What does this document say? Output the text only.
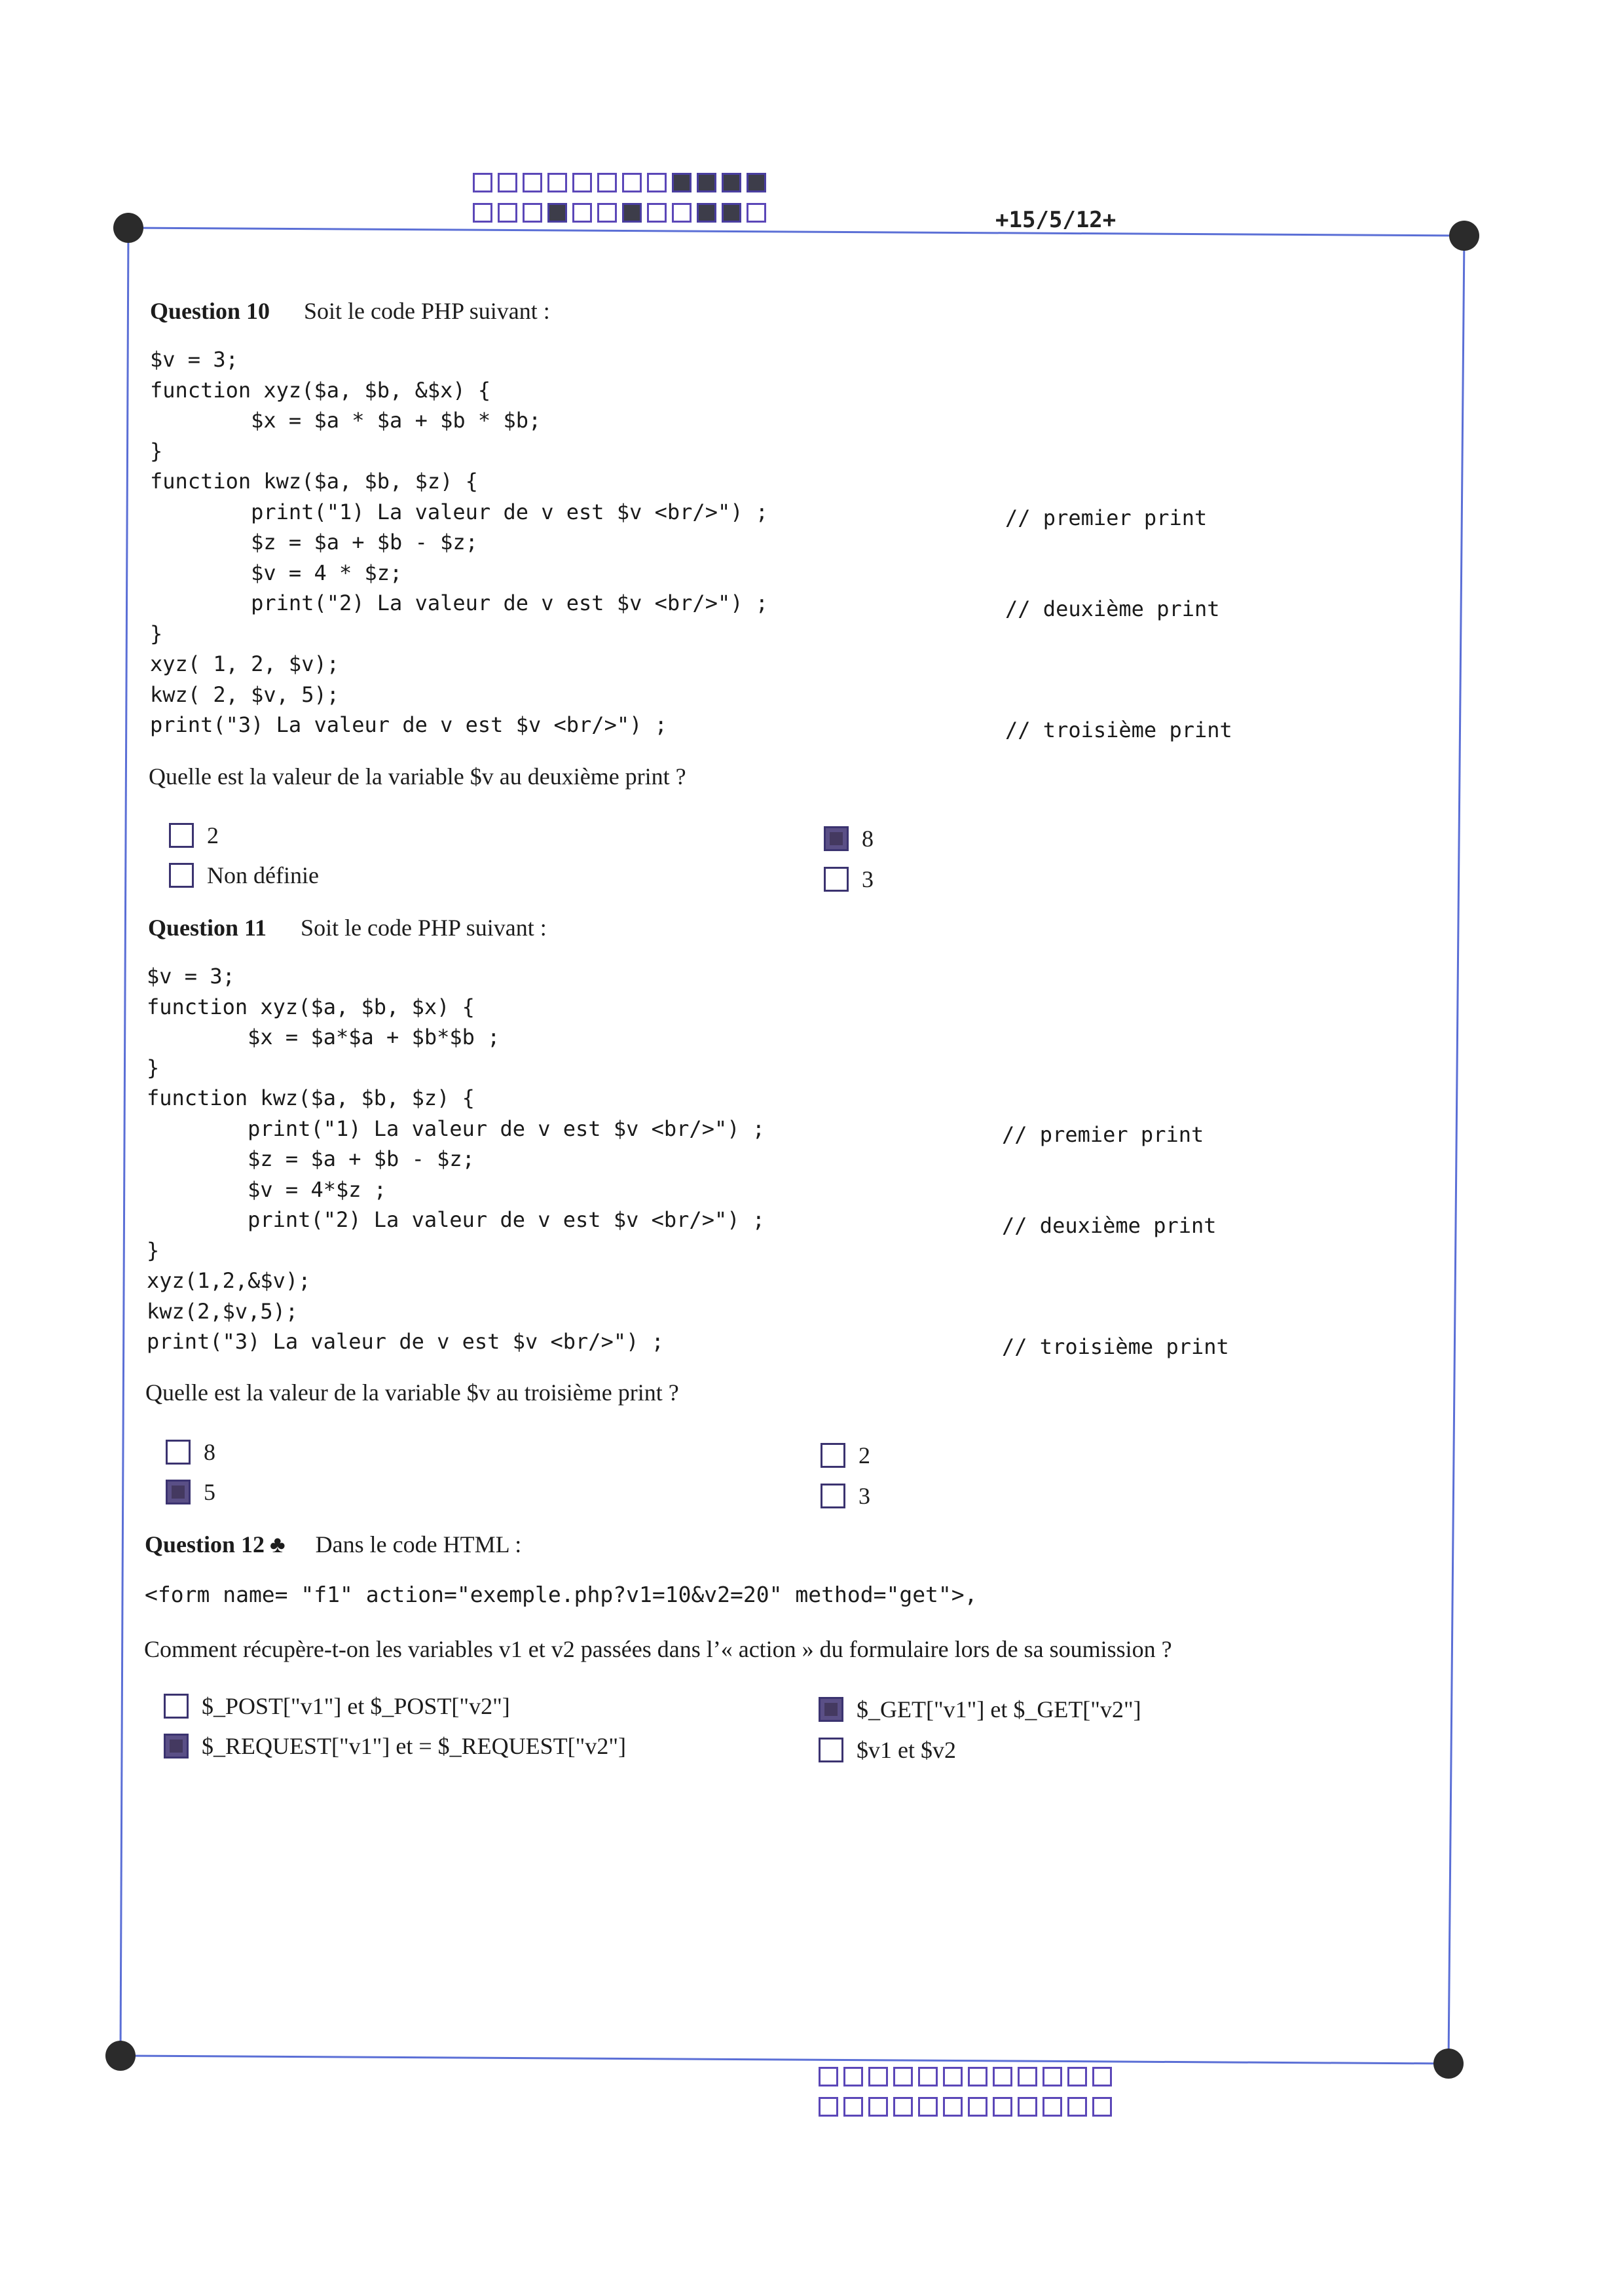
+15/5/12+
Question 10 Soit le code PHP suivant :
$v = 3;
function xyz($a, $b, &$x) {
$x = $a * $a + $b * $b;
}
function kwz($a, $b, $z) {
print("1) La valeur de v est $v <br/>") ;
$z = $a + $b - $z;
$v = 4 * $z;
print("2) La valeur de v est $v <br/>") ;
}
xyz( 1, 2, $v);
kwz( 2, $v, 5);
print("3) La valeur de v est $v <br/>") ;
// premier print
// deuxième print
// troisième print
Quelle est la valeur de la variable $v au deuxième print ?
2
Non définie
8
3
Question 11 Soit le code PHP suivant :
$v = 3;
function xyz($a, $b, $x) {
$x = $a*$a + $b*$b ;
}
function kwz($a, $b, $z) {
print("1) La valeur de v est $v <br/>") ;
$z = $a + $b - $z;
$v = 4*$z ;
print("2) La valeur de v est $v <br/>") ;
}
xyz(1,2,&$v);
kwz(2,$v,5);
print("3) La valeur de v est $v <br/>") ;
// premier print
// deuxième print
// troisième print
Quelle est la valeur de la variable $v au troisième print ?
8
5
2
3
Question 12 ♣ Dans le code HTML :
<form name= "f1" action="exemple.php?v1=10&v2=20" method="get">,
Comment récupère-t-on les variables v1 et v2 passées dans l’« action » du formulaire lors de sa soumission ?
$_POST["v1"] et $_POST["v2"]
$_REQUEST["v1"] et = $_REQUEST["v2"]
$_GET["v1"] et $_GET["v2"]
$v1 et $v2
